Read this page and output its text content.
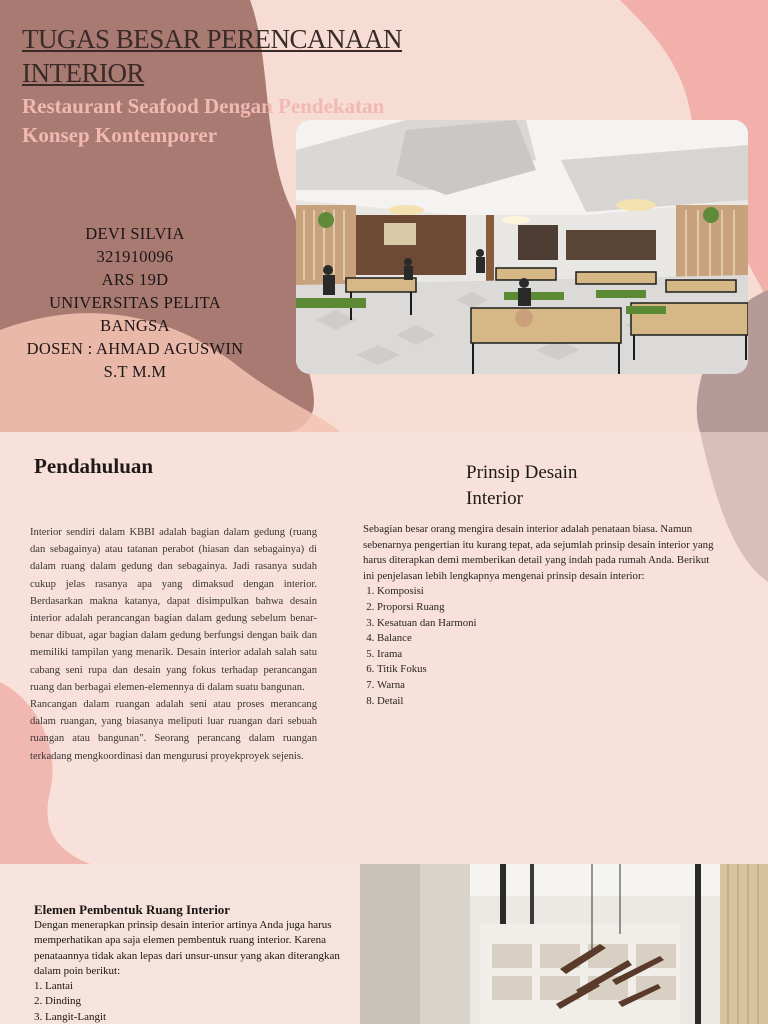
TUGAS BESAR PERENCANAAN
INTERIOR
Restaurant Seafood Dengan Pendekatan
Konsep Kontemporer
DEVI SILVIA
321910096
ARS 19D
UNIVERSITAS PELITA
BANGSA
DOSEN : AHMAD AGUSWIN
S.T M.M
Pendahuluan	Prinsip Desain
Interior

Interior sendiri dalam KBBI adalah bagian dalam gedung (ruang dan sebagainya) atau tatanan perabot (hiasan dan sebagainya) di dalam ruang dalam gedung dan sebagainya. Jadi rasanya sudah cukup jelas rasanya apa yang dimaksud dengan interior. Berdasarkan makna katanya, dapat disimpulkan bahwa desain interior adalah perancangan bagian dalam gedung sebelum benar-benar dibuat, agar bagian dalam gedung berfungsi dengan baik dan memiliki tampilan yang menarik. Desain interior adalah salah satu cabang seni rupa dan desain yang fokus terhadap perancangan ruang dan berbagai elemen-elemennya di dalam suatu bangunan.

Rancangan dalam ruangan adalah seni atau proses merancang dalam ruangan, yang biasanya meliputi luar ruangan dari sebuah ruangan atau bangunan". Seorang perancang dalam ruangan terkadang mengkoordinasi dan mengurusi proyekproyek sejenis.

Sebagian besar orang mengira desain interior adalah penataan biasa. Namun sebenarnya pengertian itu kurang tepat, ada sejumlah prinsip desain interior yang harus diterapkan demi memberikan detail yang indah pada rumah Anda. Berikut ini penjelasan lebih lengkapnya mengenai prinsip desain interior:

1. Komposisi
2. Proporsi Ruang
3. Kesatuan dan Harmoni
4. Balance
5. Irama
6. Titik Fokus
7. Warna
8. Detail
Elemen Pembentuk Ruang Interior

Dengan menerapkan prinsip desain interior artinya Anda juga harus memperhatikan apa saja elemen pembentuk ruang interior. Karena penataannya tidak akan lepas dari unsur-unsur yang akan diterangkan dalam poin berikut:

1. Lantai
2. Dinding
3. Langit-Langit
